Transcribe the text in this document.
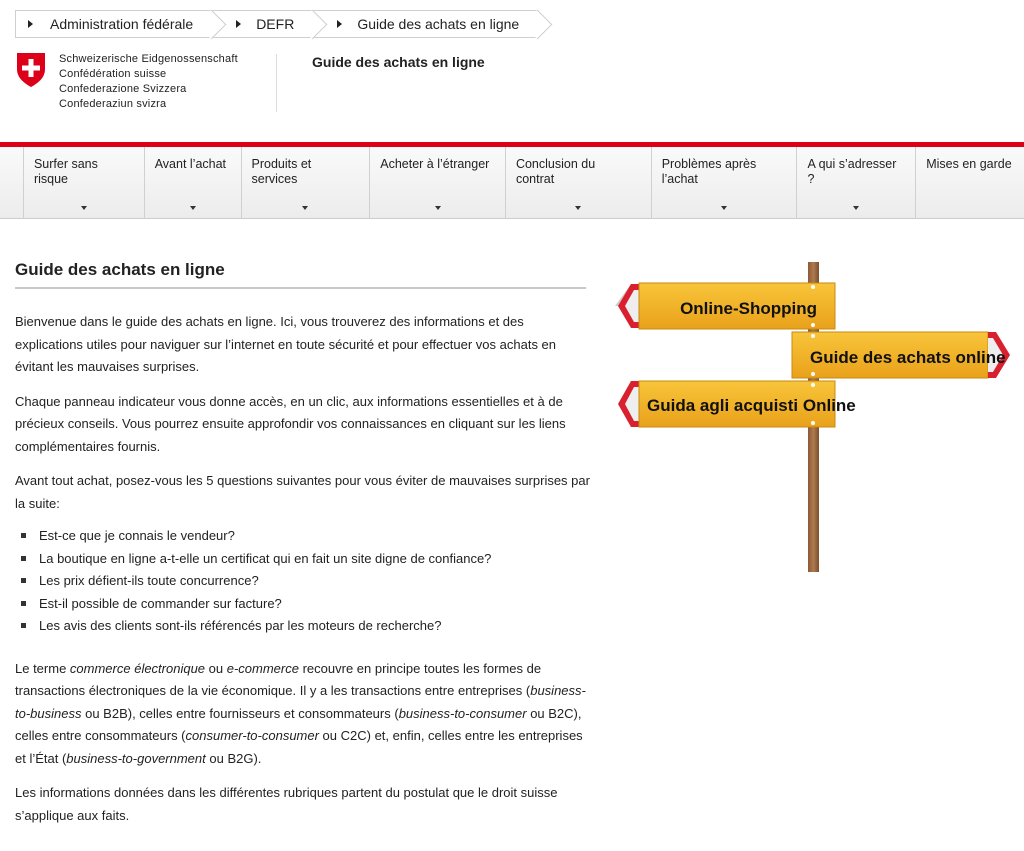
Administration fédérale	DEFR	Guide des achats en ligne
Schweizerische Eidgenossenschaft
Confédération suisse
Confederazione Svizzera
Confederaziun svizra
Guide des achats en ligne
Surfer sans risque
Avant l’achat	Produits et services
Acheter à l’étranger	Conclusion du contrat
Problèmes après l’achat
A qui s’adresser ?
Mises en garde
Guide des achats en ligne

Bienvenue dans le guide des achats en ligne. Ici, vous trouverez des informations et des explications utiles pour naviguer sur l’internet en toute sécurité et pour effectuer vos achats en évitant les mauvaises surprises.

Chaque panneau indicateur vous donne accès, en un clic, aux informations essentielles et à de précieux conseils. Vous pourrez ensuite approfondir vos connaissances en cliquant sur les liens complémentaires fournis.

Avant tout achat, posez-vous les 5 questions suivantes pour vous éviter de mauvaises surprises par la suite:

Est-ce que je connais le vendeur?
La boutique en ligne a-t-elle un certificat qui en fait un site digne de confiance?
Les prix défient-ils toute concurrence?
Est-il possible de commander sur facture?
Les avis des clients sont-ils référencés par les moteurs de recherche?

Le terme commerce électronique ou e-commerce recouvre en principe toutes les formes de transactions électroniques de la vie économique. Il y a les transactions entre entreprises (business-to-business ou B2B), celles entre fournisseurs et consommateurs (business-to-consumer ou B2C), celles entre consommateurs (consumer-to-consumer ou C2C) et, enfin, celles entre les entreprises et l’État (business-to-government ou B2G).

Les informations données dans les différentes rubriques partent du postulat que le droit suisse s’applique aux faits.

Online-Shopping
Guide des achats online
Guida agli acquisti Online
